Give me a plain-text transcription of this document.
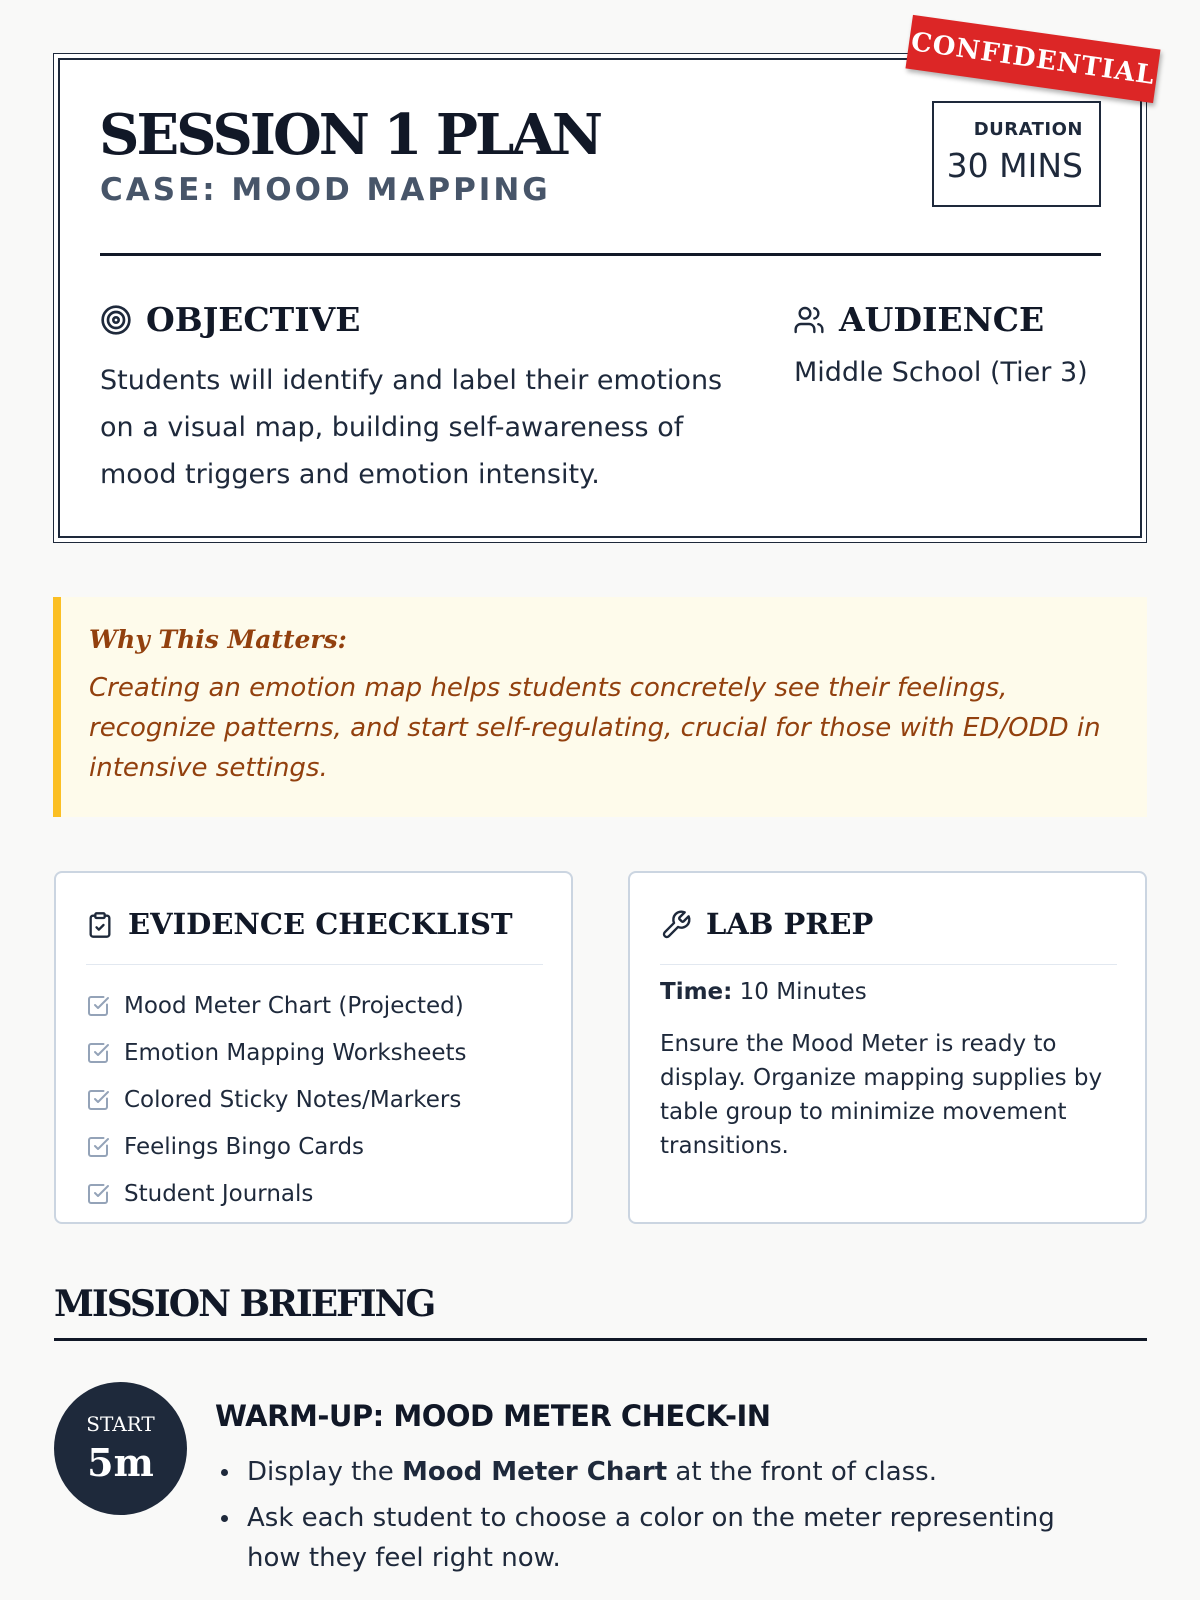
CONFIDENTIAL
SESSION 1 PLAN
CASE: MOOD MAPPING
DURATION
30 MINS
OBJECTIVE

Students will identify and label their emotions on a visual map, building self-awareness of mood triggers and emotion intensity.

AUDIENCE

Middle School (Tier 3)

Why This Matters:
Creating an emotion map helps students concretely see their feelings, recognize patterns, and start self-regulating, crucial for those with ED/ODD in intensive settings.
EVIDENCE CHECKLIST
Mood Meter Chart (Projected)
Emotion Mapping Worksheets
Colored Sticky Notes/Markers
Feelings Bingo Cards
Student Journals
LAB PREP
Time: 10 Minutes

Ensure the Mood Meter is ready to display. Organize mapping supplies by table group to minimize movement transitions.

MISSION BRIEFING
START
5m
WARM-UP: MOOD METER CHECK-IN
Display the Mood Meter Chart at the front of class.
Ask each student to choose a color on the meter representing how they feel right now.
